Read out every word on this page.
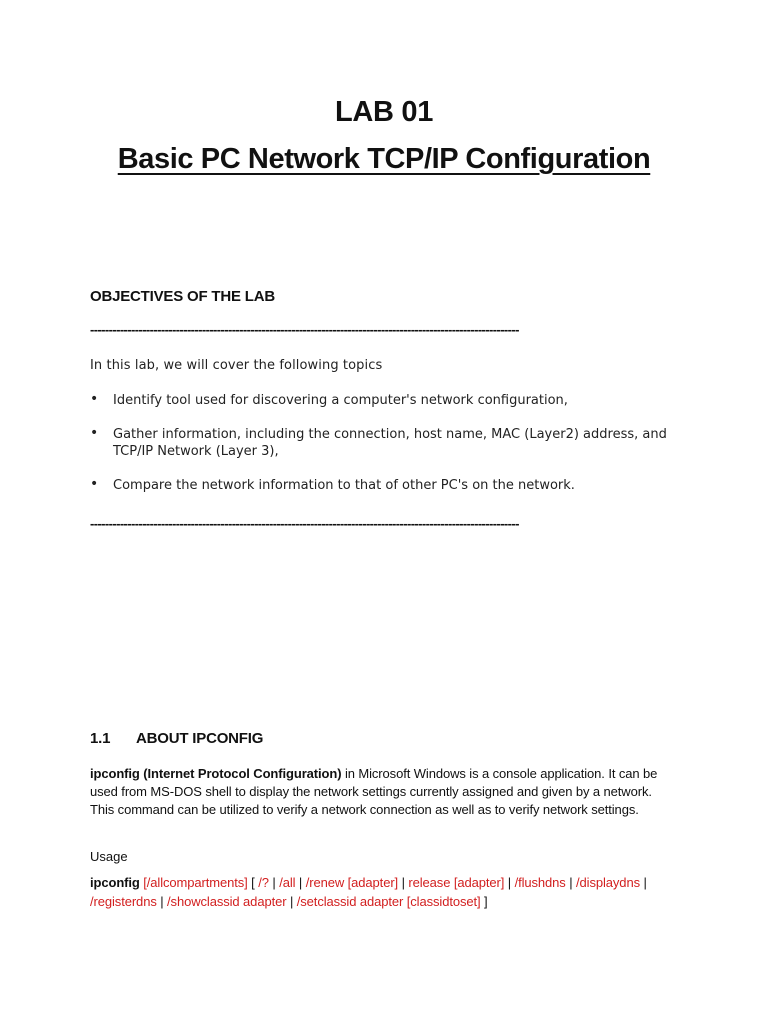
LAB 01
Basic PC Network TCP/IP Configuration
OBJECTIVES OF THE LAB
-------------------------------------------------------------------------------------------------------------------
In this lab, we will cover the following topics
• Identify tool used for discovering a computer's network configuration,
• Gather information, including the connection, host name, MAC (Layer2) address, and TCP/IP Network (Layer 3),
• Compare the network information to that of other PC's on the network.
-------------------------------------------------------------------------------------------------------------------
1.1 ABOUT IPCONFIG
ipconfig (Internet Protocol Configuration) in Microsoft Windows is a console application. It can be used from MS-DOS shell to display the network settings currently assigned and given by a network. This command can be utilized to verify a network connection as well as to verify network settings.
Usage
ipconfig [/allcompartments] [ /? | /all | /renew [adapter] | release [adapter] | /flushdns | /displaydns | /registerdns | /showclassid adapter | /setclassid adapter [classidtoset] ]
